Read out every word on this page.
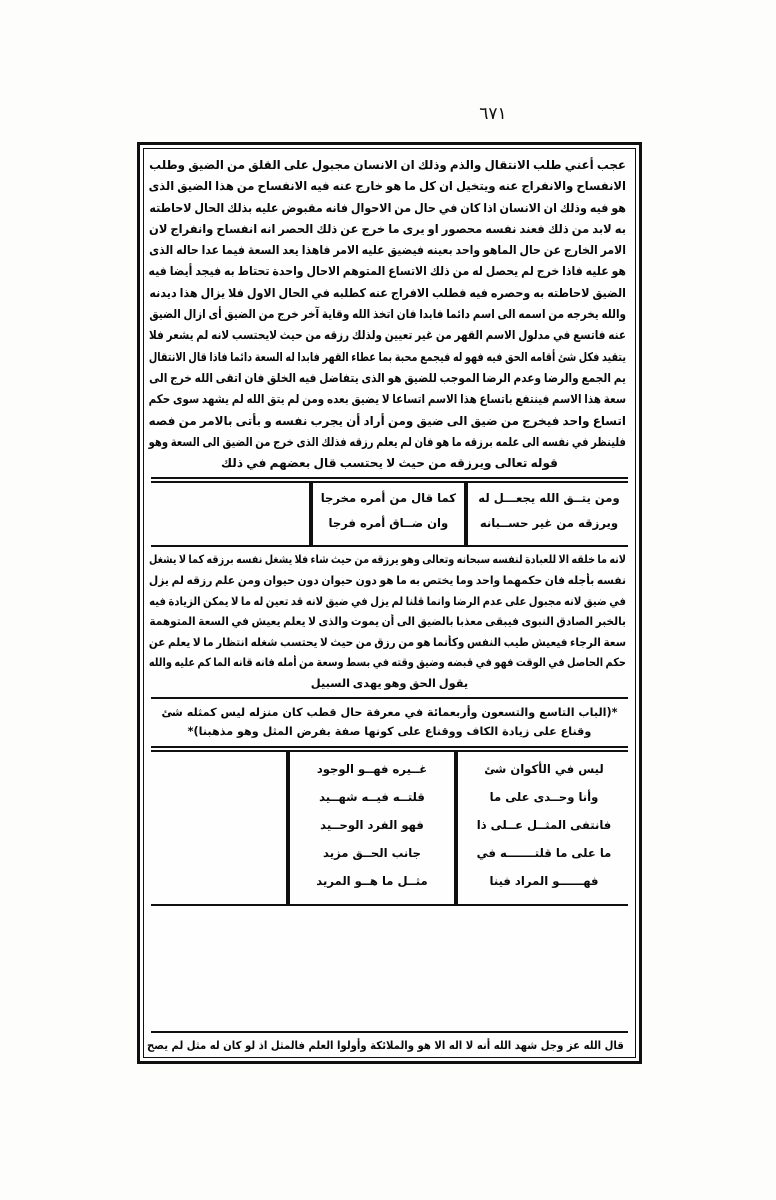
٦٧١
عجب أعني طلب الانتقال والذم وذلك ان الانسان مجبول على القلق من الضيق وطلب
الانفساح والانفراج عنه ويتخيل ان كل ما هو خارج عنه فيه الانفساح من هذا الضيق الذى
هو فيه وذلك ان الانسان اذا كان في حال من الاحوال فانه مقبوض عليه بذلك الحال لاحاطته
به لابد من ذلك فعند نفسه محصور او يرى ما خرج عن ذلك الحصر انه انفساح وانفراج لان
الامر الخارج عن حال الماهو واحد بعينه فيضيق عليه الامر فاهذا يعد السعة فيما عدا حاله الذى
هو عليه فاذا خرج لم يحصل له من ذلك الاتساع المتوهم الاحال واحدة تحتاط به فيجد أيضا فيه
الضيق لاحاطته به وحصره فيه فطلب الافراج عنه كطلبه في الحال الاول فلا يزال هذا ديدنه
والله يخرجه من اسمه الى اسم دائما فابدا فان اتخذ الله وقاية آخر خرج من الضيق أى ازال الضيق
عنه فاتسع في مدلول الاسم القهر من غير تعيين ولذلك رزقه من حيث لايحتسب لانه لم يشعر فلا
يتقيد فكل شئ أقامه الحق فيه فهو له فيجمع محبة بما عطاء القهر فابدا له السعة دائما فاذا قال الانتقال
يم الجمع والرضا وعدم الرضا الموجب للضيق هو الذى يتفاضل فيه الخلق فان اتقى الله خرج الى
سعة هذا الاسم فينتفع باتساع هذا الاسم اتساعا لا يضيق بعده ومن لم يتق الله لم يشهد سوى حكم
اتساع واحد فيخرج من ضيق الى ضيق ومن أراد أن يجرب نفسه و بأتى بالامر من فصه
فلينظر في نفسه الى علمه برزقه ما هو فان لم يعلم رزقه فذلك الذى خرج من الضيق الى السعة وهو
قوله تعالى ويرزقه من حيث لا يحتسب قال بعضهم في ذلك
ومن يتــق الله يجعـــل له
ويرزقه من غير حســبانه
كما قال من أمره مخرجا
وان ضــاق أمره فرجا
لانه ما خلقه الا للعبادة لنفسه سبحانه وتعالى وهو يرزقه من حيث شاء فلا يشغل نفسه برزقه كما لا يشغل
نفسه بأجله فان حكمهما واحد وما يختص به ما هو دون حيوان دون حيوان ومن علم رزقه لم يزل
في ضيق لانه مجبول على عدم الرضا وانما قلنا لم يزل في ضيق لانه قد تعين له ما لا يمكن الزيادة فيه
بالخبر الصادق النبوى فيبقى معذبا بالضيق الى أن يموت والذى لا يعلم يعيش في السعة المتوهمة
سعة الرجاء فيعيش طيب النفس وكأنما هو من رزق من حيث لا يحتسب شغله انتظار ما لا يعلم عن
حكم الحاصل في الوقت فهو في قبضه وضيق وقته في بسط وسعة من أمله فانه قانه الما كم عليه والله
يقول الحق وهو يهدى السبيل
*(الباب التاسع والتسعون وأربعمائة في معرفة حال قطب كان منزله ليس كمثله شئ
وقناع على زيادة الكاف ووقناع على كونها صفة بفرض المثل وهو مذهبنا)*
ليس في الأكوان شئ
وأنا وحــدى على ما
فانتفى المثــل عــلى ذا
ما على ما قلتـــــــه في
فهــــــو المراد فينا
غــيره فهــو الوجود
قلتــه فيــه شهــيد
فهو الفرد الوحــيد
جانب الحــق مزيد
مثــل ما هــو المريد
قال الله عز وجل شهد الله أنه لا اله الا هو والملائكة وأولوا العلم فالمثل اذ لو كان له مثل لم يصح
